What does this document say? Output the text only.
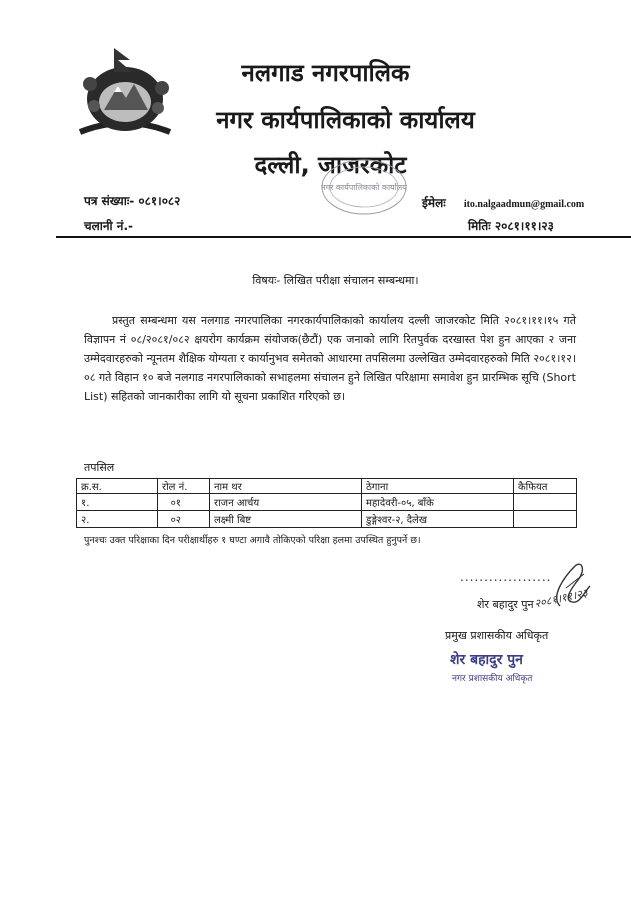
नेपाल सरकार
नलगाड नगरपालिक
नगर कार्यपालिकाको कार्यालय
दल्ली, जाजरकोट
नगर कार्यपालिकाको कार्यालय
पत्र संख्याः- ०८१।०८२
चलानी नं.-
ईमेलः ito.nalgaadmun@gmail.com
मितिः २०८१।११।२३
विषयः- लिखित परीक्षा संचालन सम्बन्धमा।
प्रस्तुत सम्बन्धमा यस नलगाड नगरपालिका नगरकार्यपालिकाको कार्यालय दल्ली जाजरकोट मिति २०८१।११।१५ गते विज्ञापन नं ०८/२०८१/०८२ क्षयरोग कार्यक्रम संयोजक(छैटौं) एक जनाको लागि रितपुर्वक दरखास्त पेश हुन आएका २ जना उम्मेदवारहरुको न्यूनतम शैक्षिक योग्यता र कार्यानुभव समेतको आधारमा तपसिलमा उल्लेखित उम्मेदवारहरुको मिति २०८१।१२।०८ गते विहान १० बजे नलगाड नगरपालिकाको सभाहलमा संचालन हुने लिखित परिक्षामा समावेश हुन प्रारम्भिक सूचि (Short List) सहितको जानकारीका लागि यो सूचना प्रकाशित गरिएको छ।
तपसिल
क्र.स.	रोल नं.	नाम थर	ठेगाना	कैफियत
१.	०१	राजन आर्चय	महादेवरी-०५, बाँके	
२.	०२	लक्ष्मी बिष्ट	डुङ्गेश्वर-२, दैलेख	
पुनश्चः उक्त परिक्षाका दिन परीक्षार्थीहरु १ घण्टा अगावै तोकिएको परिक्षा हलमा उपस्थित हुनुपर्ने छ।
...................
शेर बहादुर पुन २०८१।११।२३
प्रमुख प्रशासकीय अधिकृत
शेर बहादुर पुन
नगर प्रशासकीय अधिकृत
